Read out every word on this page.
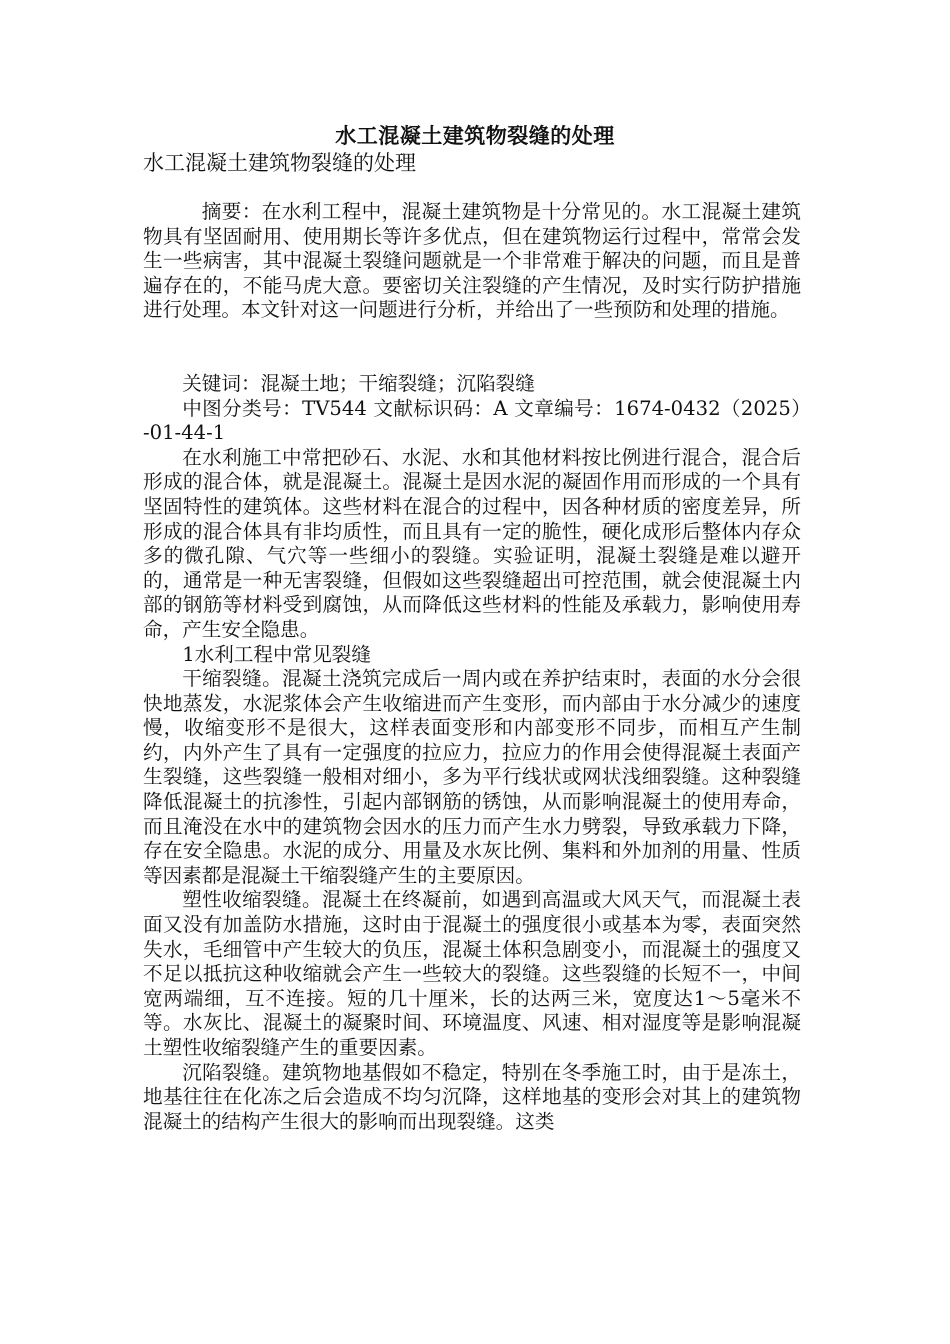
水工混凝土建筑物裂缝的处理
水工混凝土建筑物裂缝的处理

摘要：在水利工程中，混凝土建筑物是十分常见的。水工混凝土建筑物具有坚固耐用、使用期长等许多优点，但在建筑物运行过程中，常常会发生一些病害，其中混凝土裂缝问题就是一个非常难于解决的问题，而且是普遍存在的，不能马虎大意。要密切关注裂缝的产生情况，及时实行防护措施进行处理。本文针对这一问题进行分析，并给出了一些预防和处理的措施。

关键词：混凝土地；干缩裂缝；沉陷裂缝

中图分类号：TV544 文献标识码：A 文章编号：1674-0432（2025）-01-44-1

在水利施工中常把砂石、水泥、水和其他材料按比例进行混合，混合后形成的混合体，就是混凝土。混凝土是因水泥的凝固作用而形成的一个具有坚固特性的建筑体。这些材料在混合的过程中，因各种材质的密度差异，所形成的混合体具有非均质性，而且具有一定的脆性，硬化成形后整体内存众多的微孔隙、气穴等一些细小的裂缝。实验证明，混凝土裂缝是难以避开的，通常是一种无害裂缝，但假如这些裂缝超出可控范围，就会使混凝土内部的钢筋等材料受到腐蚀，从而降低这些材料的性能及承载力，影响使用寿命，产生安全隐患。

1水利工程中常见裂缝

干缩裂缝。混凝土浇筑完成后一周内或在养护结束时，表面的水分会很快地蒸发，水泥浆体会产生收缩进而产生变形，而内部由于水分减少的速度慢，收缩变形不是很大，这样表面变形和内部变形不同步，而相互产生制约，内外产生了具有一定强度的拉应力，拉应力的作用会使得混凝土表面产生裂缝，这些裂缝一般相对细小，多为平行线状或网状浅细裂缝。这种裂缝降低混凝土的抗渗性，引起内部钢筋的锈蚀，从而影响混凝土的使用寿命，而且淹没在水中的建筑物会因水的压力而产生水力劈裂，导致承载力下降，存在安全隐患。水泥的成分、用量及水灰比例、集料和外加剂的用量、性质等因素都是混凝土干缩裂缝产生的主要原因。

塑性收缩裂缝。混凝土在终凝前，如遇到高温或大风天气，而混凝土表面又没有加盖防水措施，这时由于混凝土的强度很小或基本为零，表面突然失水，毛细管中产生较大的负压，混凝土体积急剧变小，而混凝土的强度又不足以抵抗这种收缩就会产生一些较大的裂缝。这些裂缝的长短不一，中间宽两端细，互不连接。短的几十厘米，长的达两三米，宽度达1～5毫米不等。水灰比、混凝土的凝聚时间、环境温度、风速、相对湿度等是影响混凝土塑性收缩裂缝产生的重要因素。

沉陷裂缝。建筑物地基假如不稳定，特别在冬季施工时，由于是冻土，地基往往在化冻之后会造成不均匀沉降，这样地基的变形会对其上的建筑物混凝土的结构产生很大的影响而出现裂缝。这类
